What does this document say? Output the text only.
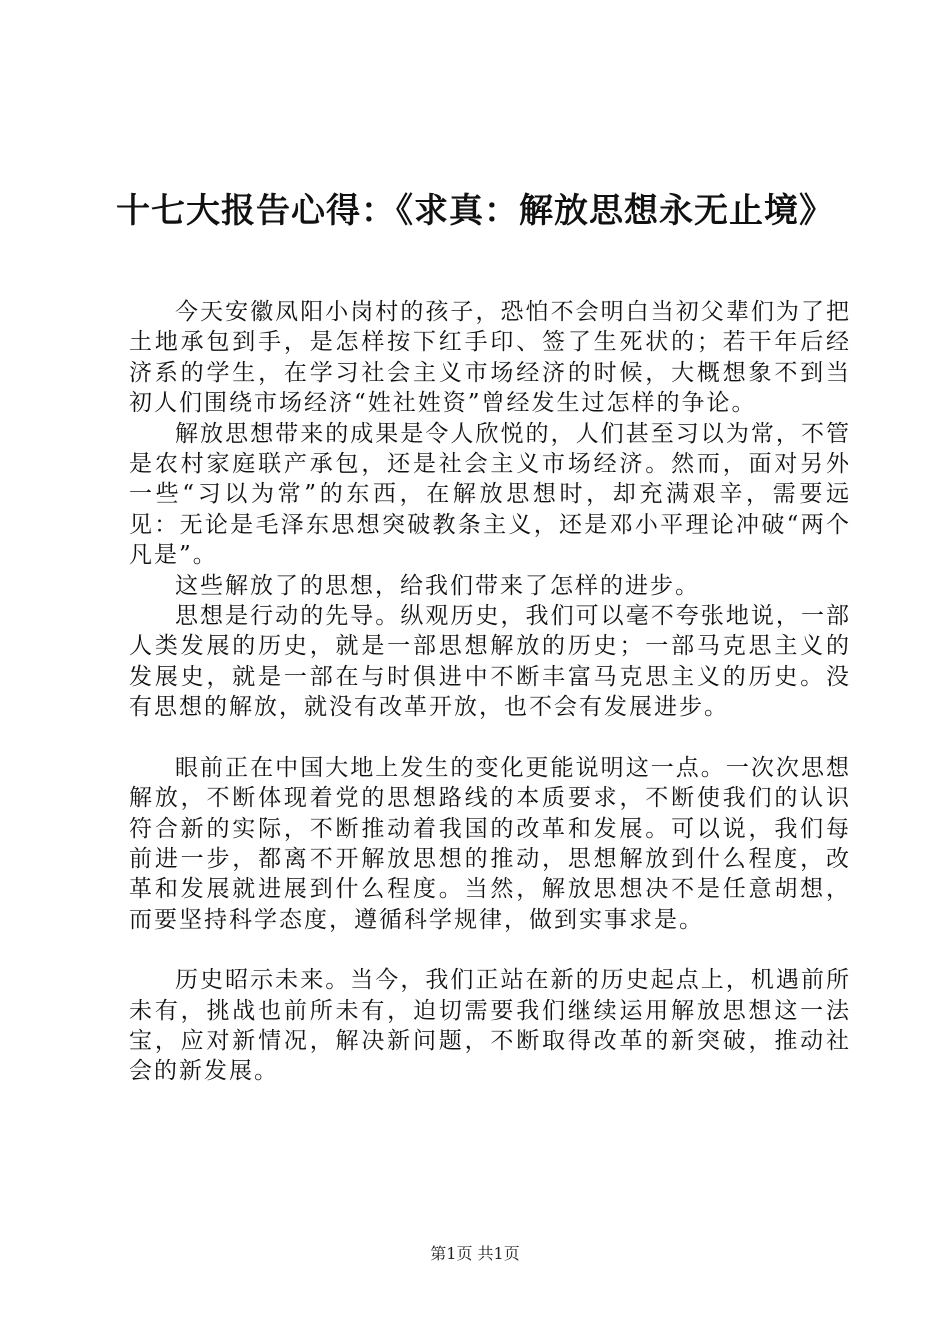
十七大报告心得：《求真：解放思想永无止境》

今天安徽凤阳小岗村的孩子，恐怕不会明白当初父辈们为了把土地承包到手，是怎样按下红手印、签了生死状的；若干年后经济系的学生，在学习社会主义市场经济的时候，大概想象不到当初人们围绕市场经济“姓社姓资”曾经发生过怎样的争论。

解放思想带来的成果是令人欣悦的，人们甚至习以为常，不管是农村家庭联产承包，还是社会主义市场经济。然而，面对另外一些“习以为常”的东西，在解放思想时，却充满艰辛，需要远见：无论是毛泽东思想突破教条主义，还是邓小平理论冲破“两个凡是”。

这些解放了的思想，给我们带来了怎样的进步。

思想是行动的先导。纵观历史，我们可以毫不夸张地说，一部人类发展的历史，就是一部思想解放的历史；一部马克思主义的发展史，就是一部在与时俱进中不断丰富马克思主义的历史。没有思想的解放，就没有改革开放，也不会有发展进步。

眼前正在中国大地上发生的变化更能说明这一点。一次次思想解放，不断体现着党的思想路线的本质要求，不断使我们的认识符合新的实际，不断推动着我国的改革和发展。可以说，我们每前进一步，都离不开解放思想的推动，思想解放到什么程度，改革和发展就进展到什么程度。当然，解放思想决不是任意胡想，而要坚持科学态度，遵循科学规律，做到实事求是。

历史昭示未来。当今，我们正站在新的历史起点上，机遇前所未有，挑战也前所未有，迫切需要我们继续运用解放思想这一法宝，应对新情况，解决新问题，不断取得改革的新突破，推动社会的新发展。

第1页 共1页
